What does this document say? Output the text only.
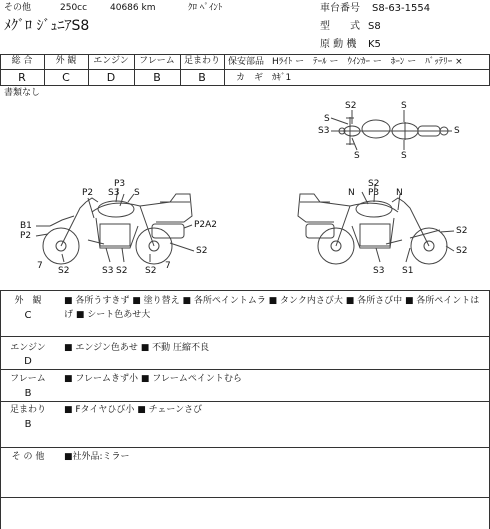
その他	250cc	40686 km	ｸﾛ ﾍﾟｲﾝﾄ
ﾒｸﾞﾛ ｼﾞｭﾆｱS8
車台番号 S8-63-1554
型　　式 S8
原 動 機 K5
総 合	外 観	エンジン	フレーム	足まわり
R	C	D	B	B
保安部品 Hﾗｲﾄ ー　ﾃｰﾙ ー　ｳｲﾝｶｰ ー　ﾎｰﾝ ー　ﾊﾞｯﾃﾘｰ ×
カ　ギ　ｶｷﾞ1
書類なし
S2	S
S
S3
S	S
S
P3
P2 S3 S
B1
P2
P2A2
S2
7 S2	S3 S2 S2 7
S2
N P3 N
S2
S2
S3 S1
外　観
C
■ 各所うすきず ■ 塗り替え ■ 各所ペイントムラ ■ タンク内さび大 ■ 各所さび中 ■ 各所ペイントは
げ ■ シート色あせ大
エンジン
D
■ エンジン色あせ ■ 不動 圧縮不良
フレーム
B
■ フレームきず小 ■ フレームペイントむら
足まわり
B
■ Fタイヤひび小 ■ チェーンさび
そ の 他	■社外品:ミラー
